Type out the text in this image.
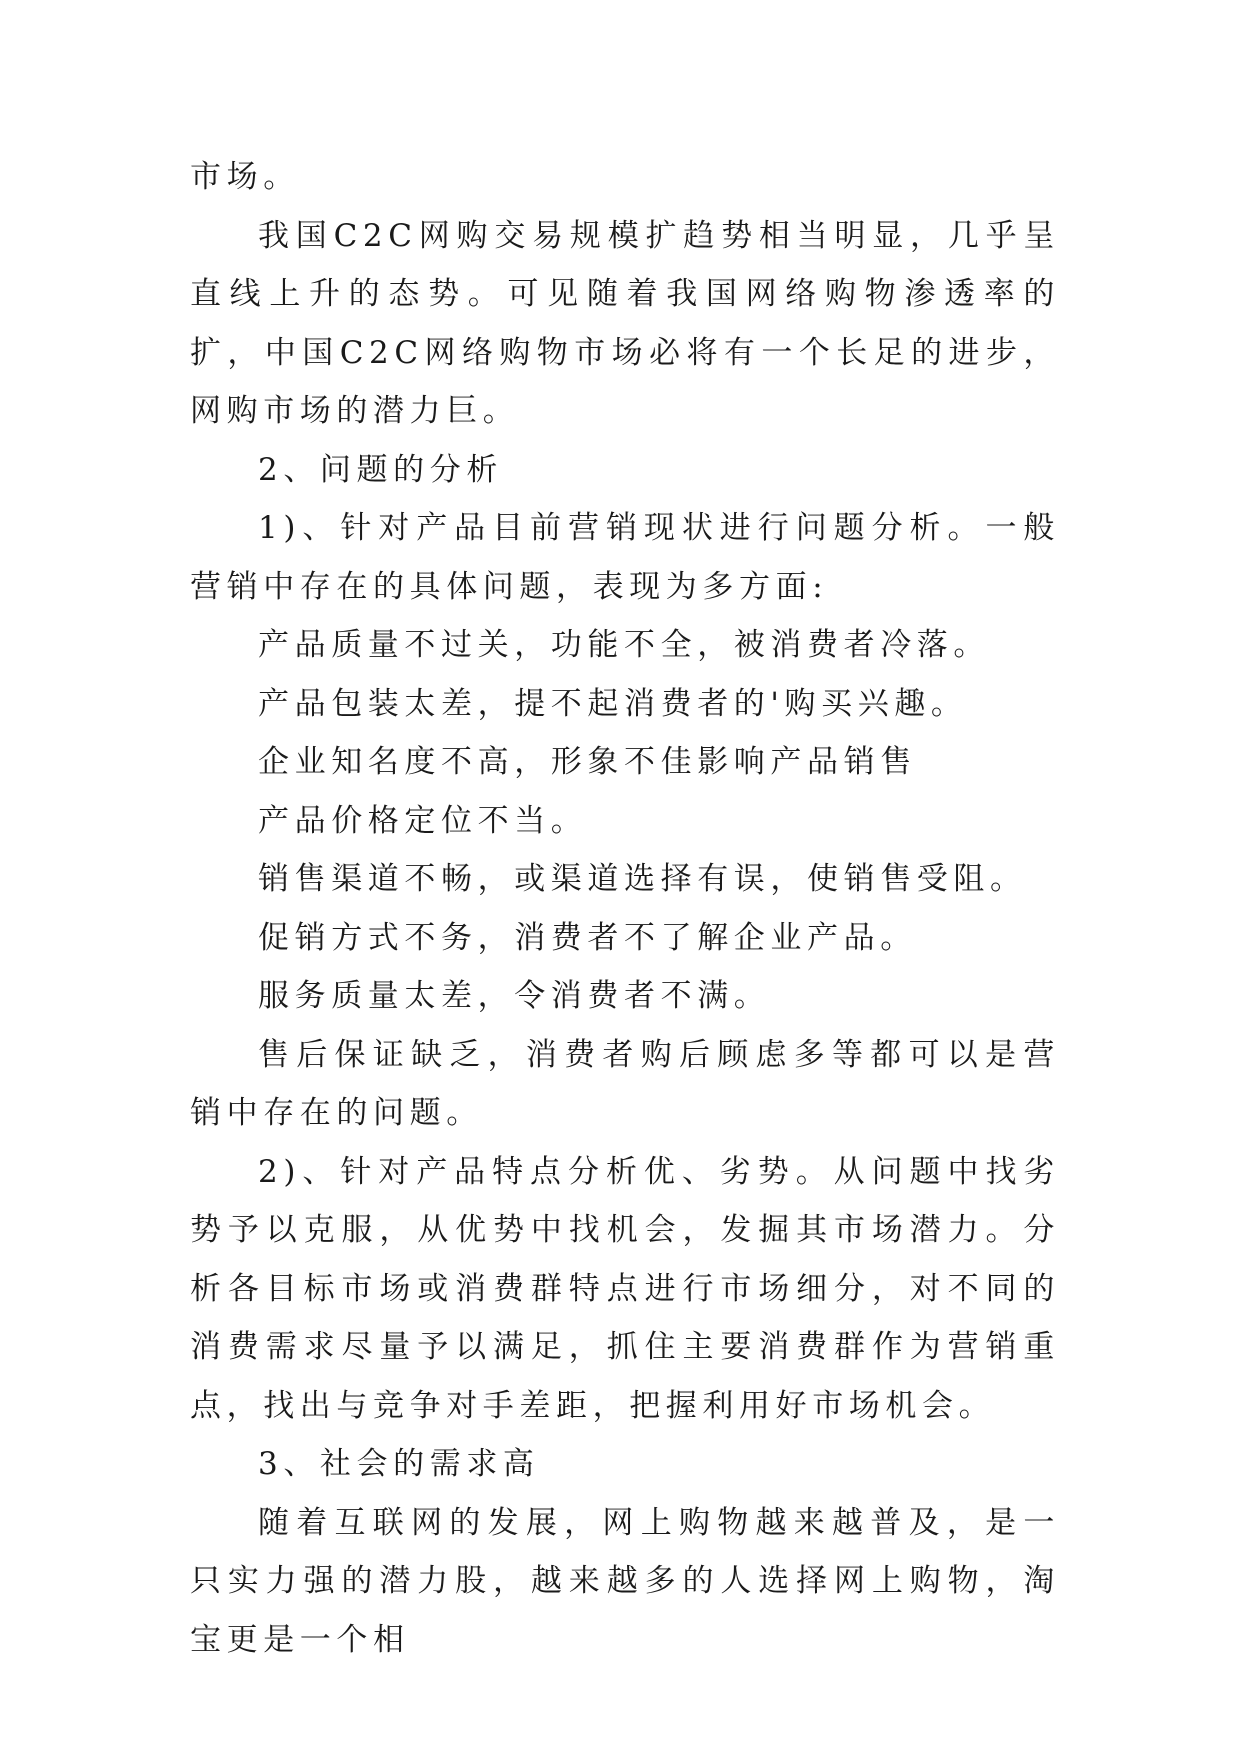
市场。

我国C2C网购交易规模扩趋势相当明显，几乎呈直线上升的态势。可见随着我国网络购物渗透率的扩，中国C2C网络购物市场必将有一个长足的进步，网购市场的潜力巨。

2、问题的分析

1)、针对产品目前营销现状进行问题分析。一般营销中存在的具体问题，表现为多方面:

产品质量不过关，功能不全，被消费者冷落。

产品包装太差，提不起消费者的'购买兴趣。

企业知名度不高，形象不佳影响产品销售

产品价格定位不当。

销售渠道不畅，或渠道选择有误，使销售受阻。

促销方式不务，消费者不了解企业产品。

服务质量太差，令消费者不满。

售后保证缺乏，消费者购后顾虑多等都可以是营销中存在的问题。

2)、针对产品特点分析优、劣势。从问题中找劣势予以克服，从优势中找机会，发掘其市场潜力。分析各目标市场或消费群特点进行市场细分，对不同的消费需求尽量予以满足，抓住主要消费群作为营销重点，找出与竞争对手差距，把握利用好市场机会。

3、社会的需求高

随着互联网的发展，网上购物越来越普及，是一只实力强的潜力股，越来越多的人选择网上购物，淘宝更是一个相
